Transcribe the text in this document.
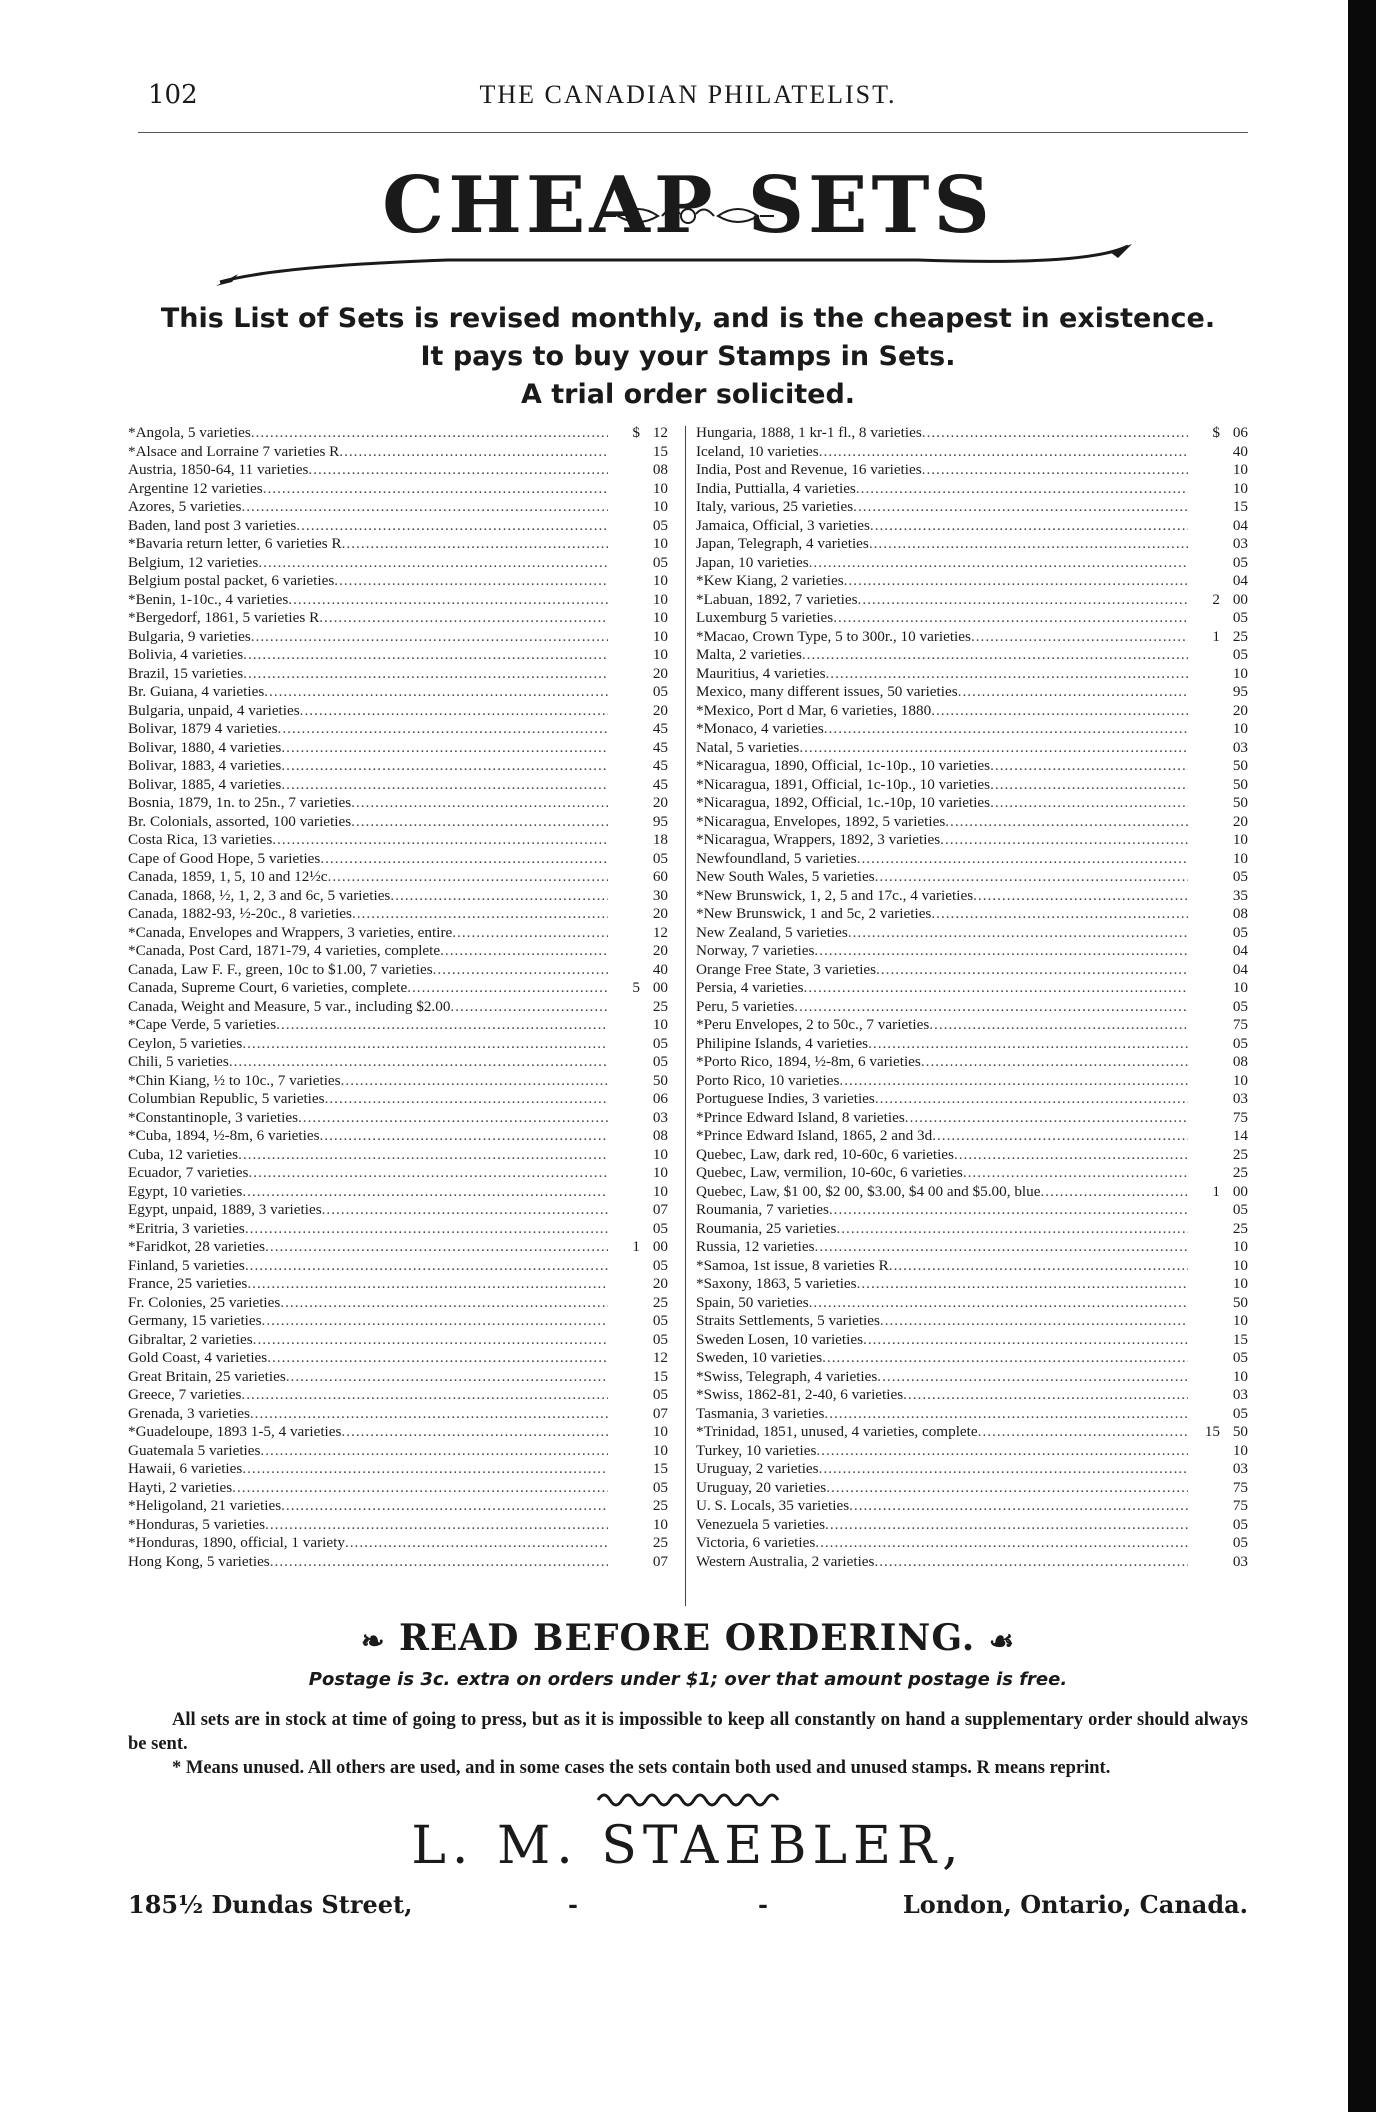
102	THE CANADIAN PHILATELIST.
CHEAP SETS
This List of Sets is revised monthly, and is the cheapest in existence.
It pays to buy your Stamps in Sets.
A trial order solicited.
*Angola, 5 varieties .....	$ 12
*Alsace and Lorraine 7 varieties R .....	15
Austria, 1850-64, 11 varieties .....	08
Argentine 12 varieties .....	10
Azores, 5 varieties .....	10
Baden, land post 3 varieties .....	05
*Bavaria return letter, 6 varieties R .....	10
Belgium, 12 varieties .....	05
Belgium postal packet, 6 varieties .....	10
*Benin, 1-10c., 4 varieties .....	10
*Bergedorf, 1861, 5 varieties R .....	10
Bulgaria, 9 varieties .....	10
Bolivia, 4 varieties .....	10
Brazil, 15 varieties .....	20
Br. Guiana, 4 varieties .....	05
Bulgaria, unpaid, 4 varieties .....	20
Bolivar, 1879 4 varieties .....	45
Bolivar, 1880, 4 varieties .....	45
Bolivar, 1883, 4 varieties .....	45
Bolivar, 1885, 4 varieties .....	45
Bosnia, 1879, 1n. to 25n., 7 varieties .....	20
Br. Colonials, assorted, 100 varieties .....	95
Costa Rica, 13 varieties .....	18
Cape of Good Hope, 5 varieties .....	05
Canada, 1859, 1, 5, 10 and 12½c .....	60
Canada, 1868, ½, 1, 2, 3 and 6c, 5 varieties .....	30
Canada, 1882-93, ½-20c., 8 varieties .....	20
*Canada, Envelopes and Wrappers, 3 varieties, entire .....	12
*Canada, Post Card, 1871-79, 4 varieties, complete .....	20
Canada, Law F. F., green, 10c to $1.00, 7 varieties .....	40
Canada, Supreme Court, 6 varieties, complete .....	5 00
Canada, Weight and Measure, 5 var., including $2.00 .....	25
*Cape Verde, 5 varieties .....	10
Ceylon, 5 varieties .....	05
Chili, 5 varieties .....	05
*Chin Kiang, ½ to 10c., 7 varieties .....	50
Columbian Republic, 5 varieties .....	06
*Constantinople, 3 varieties .....	03
*Cuba, 1894, ½-8m, 6 varieties .....	08
Cuba, 12 varieties .....	10
Ecuador, 7 varieties .....	10
Egypt, 10 varieties .....	10
Egypt, unpaid, 1889, 3 varieties .....	07
*Eritria, 3 varieties .....	05
*Faridkot, 28 varieties .....	1 00
Finland, 5 varieties .....	05
France, 25 varieties .....	20
Fr. Colonies, 25 varieties .....	25
Germany, 15 varieties .....	05
Gibraltar, 2 varieties .....	05
Gold Coast, 4 varieties .....	12
Great Britain, 25 varieties .....	15
Greece, 7 varieties .....	05
Grenada, 3 varieties .....	07
*Guadeloupe, 1893 1-5, 4 varieties .....	10
Guatemala 5 varieties .....	10
Hawaii, 6 varieties .....	15
Hayti, 2 varieties .....	05
*Heligoland, 21 varieties .....	25
*Honduras, 5 varieties .....	10
*Honduras, 1890, official, 1 variety .....	25
Hong Kong, 5 varieties .....	07
Hungaria, 1888, 1 kr-1 fl., 8 varieties .....	$ 06
Iceland, 10 varieties .....	40
India, Post and Revenue, 16 varieties .....	10
India, Puttialla, 4 varieties .....	10
Italy, various, 25 varieties .....	15
Jamaica, Official, 3 varieties .....	04
Japan, Telegraph, 4 varieties .....	03
Japan, 10 varieties .....	05
*Kew Kiang, 2 varieties .....	04
*Labuan, 1892, 7 varieties .....	2 00
Luxemburg 5 varieties .....	05
*Macao, Crown Type, 5 to 300r., 10 varieties .....	1 25
Malta, 2 varieties .....	05
Mauritius, 4 varieties .....	10
Mexico, many different issues, 50 varieties .....	95
*Mexico, Port d Mar, 6 varieties, 1880 .....	20
*Monaco, 4 varieties .....	10
Natal, 5 varieties .....	03
*Nicaragua, 1890, Official, 1c-10p., 10 varieties .....	50
*Nicaragua, 1891, Official, 1c-10p., 10 varieties .....	50
*Nicaragua, 1892, Official, 1c.-10p, 10 varieties .....	50
*Nicaragua, Envelopes, 1892, 5 varieties .....	20
*Nicaragua, Wrappers, 1892, 3 varieties .....	10
Newfoundland, 5 varieties .....	10
New South Wales, 5 varieties .....	05
*New Brunswick, 1, 2, 5 and 17c., 4 varieties .....	35
*New Brunswick, 1 and 5c, 2 varieties .....	08
New Zealand, 5 varieties .....	05
Norway, 7 varieties .....	04
Orange Free State, 3 varieties .....	04
Persia, 4 varieties .....	10
Peru, 5 varieties .....	05
*Peru Envelopes, 2 to 50c., 7 varieties .....	75
Philipine Islands, 4 varieties .....	05
*Porto Rico, 1894, ½-8m, 6 varieties .....	08
Porto Rico, 10 varieties .....	10
Portuguese Indies, 3 varieties .....	03
*Prince Edward Island, 8 varieties .....	75
*Prince Edward Island, 1865, 2 and 3d .....	14
Quebec, Law, dark red, 10-60c, 6 varieties .....	25
Quebec, Law, vermilion, 10-60c, 6 varieties .....	25
Quebec, Law, $1 00, $2 00, $3.00, $4 00 and $5.00, blue .....	1 00
Roumania, 7 varieties .....	05
Roumania, 25 varieties .....	25
Russia, 12 varieties .....	10
*Samoa, 1st issue, 8 varieties R .....	10
*Saxony, 1863, 5 varieties .....	10
Spain, 50 varieties .....	50
Straits Settlements, 5 varieties .....	10
Sweden Losen, 10 varieties .....	15
Sweden, 10 varieties .....	05
*Swiss, Telegraph, 4 varieties .....	10
*Swiss, 1862-81, 2-40, 6 varieties .....	03
Tasmania, 3 varieties .....	05
*Trinidad, 1851, unused, 4 varieties, complete .....	15 50
Turkey, 10 varieties .....	10
Uruguay, 2 varieties .....	03
Uruguay, 20 varieties .....	75
U. S. Locals, 35 varieties .....	75
Venezuela 5 varieties .....	05
Victoria, 6 varieties .....	05
Western Australia, 2 varieties .....	03
❧ READ BEFORE ORDERING. ☙
Postage is 3c. extra on orders under $1; over that amount postage is free.

All sets are in stock at time of going to press, but as it is impossible to keep all constantly on hand a supplementary order should always be sent.

* Means unused. All others are used, and in some cases the sets contain both used and unused stamps. R means reprint.

L. M. STAEBLER,
185½ Dundas Street,	-	-	London, Ontario, Canada.
